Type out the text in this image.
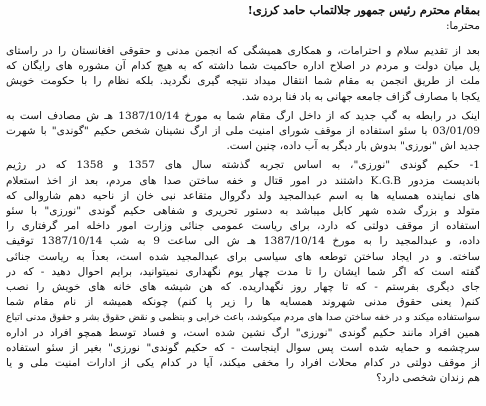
بمقام محترم رئیس جمهور جلالتماب حامد کرزی!

محترما:

بعد از تقدیم سلام و احترامات، و همکاری همیشگی که انجمن مدنی و حقوقی افغانستان را در راستای
پل میان دولت و مردم در اصلاح اداره حاکمیت شما داشته که به هیچ کدام آن مشوره های رایگان که
ملت از طریق انجمن به مقام شما انتقال میداد نتیجه گیری نگردید. بلکه نظام را با حکومت خویش
یکجا با مصارف گزاف جامعه جهانی به باد فنا برده شد.
اینک در رابطه به گپ جدید که از داخل ارگ مقام شما به مورخ 1387/10/14 هـ ش مصادف است به
03/01/09 با سئو استفاده از موقف شورای امنیت ملی از ارگ نشینان شخص حکیم "گوندی" با شهرت
جدید اش "نورزی" بدوش بار دیگر به آب داده، چنین است.
1- حکیم گوندی "نورزی"، به اساس تجربه گذشته سال های 1357 و 1358 که در رژیم
باندیست مزدور K.G.B داشتند در امور قتال و خفه ساختن صدا های مردم، بعد از اخذ استعلام
های نماینده همسایه ها به اسم عبدالمجید ولد دگروال متقاعد نبی خان از ناحیه دهم شاروالی که
متولد و بزرگ شده شهر کابل میباشد به دستور تحریری و شفاهی حکیم گوندی "نورزی" با سئو
استفاده از موقف دولتی که دارد، برای ریاست عمومی جنائی وزارت امور داخله امر گرفتاری را
داده، و عبدالمجید را به مورخ 1387/10/14 هـ ش الی ساعت 9 به شب 1387/10/14 توقیف
ساخته. و در ایجاد ساختن توطعه های سیاسی برای عبدالمجید شده است، بعداً به ریاست جنائی
گفته است که اگر شما ایشان را تا مدت چهار یوم نگهداری نمیتوانید، برایم احوال دهید - که در
جای دیگری بفرستم - که تا چهار روز نگهداریده. که هن شیشه های خانه های خویش را نصب
کنم( یعنی حقوق مدنی شهروند همسایه ها را زیر پا کنم) چونکه همیشه از نام مقام شما
سواستفاده میکند و در خفه ساختن صدا های مردم میکوشد، باعث خرابی و بنظمی و نقض حقوق بشر و حقوق مدنی اتباع
همین افراد مانند حکیم گوندی "نورزی" ارگ نشین شده است، و فساد توسط همچو افراد در اداره
سرچشمه و حمایه شده است پس سوال اینجاست - که حکیم گوندی" نورزی" بغیر از سئو استفاده
از موقف دولتی در کدام محلات افراد را مخفی میکند، آیا در کدام یکی از ادارات امنیت ملی و یا
هم زندان شخصی دارد؟
